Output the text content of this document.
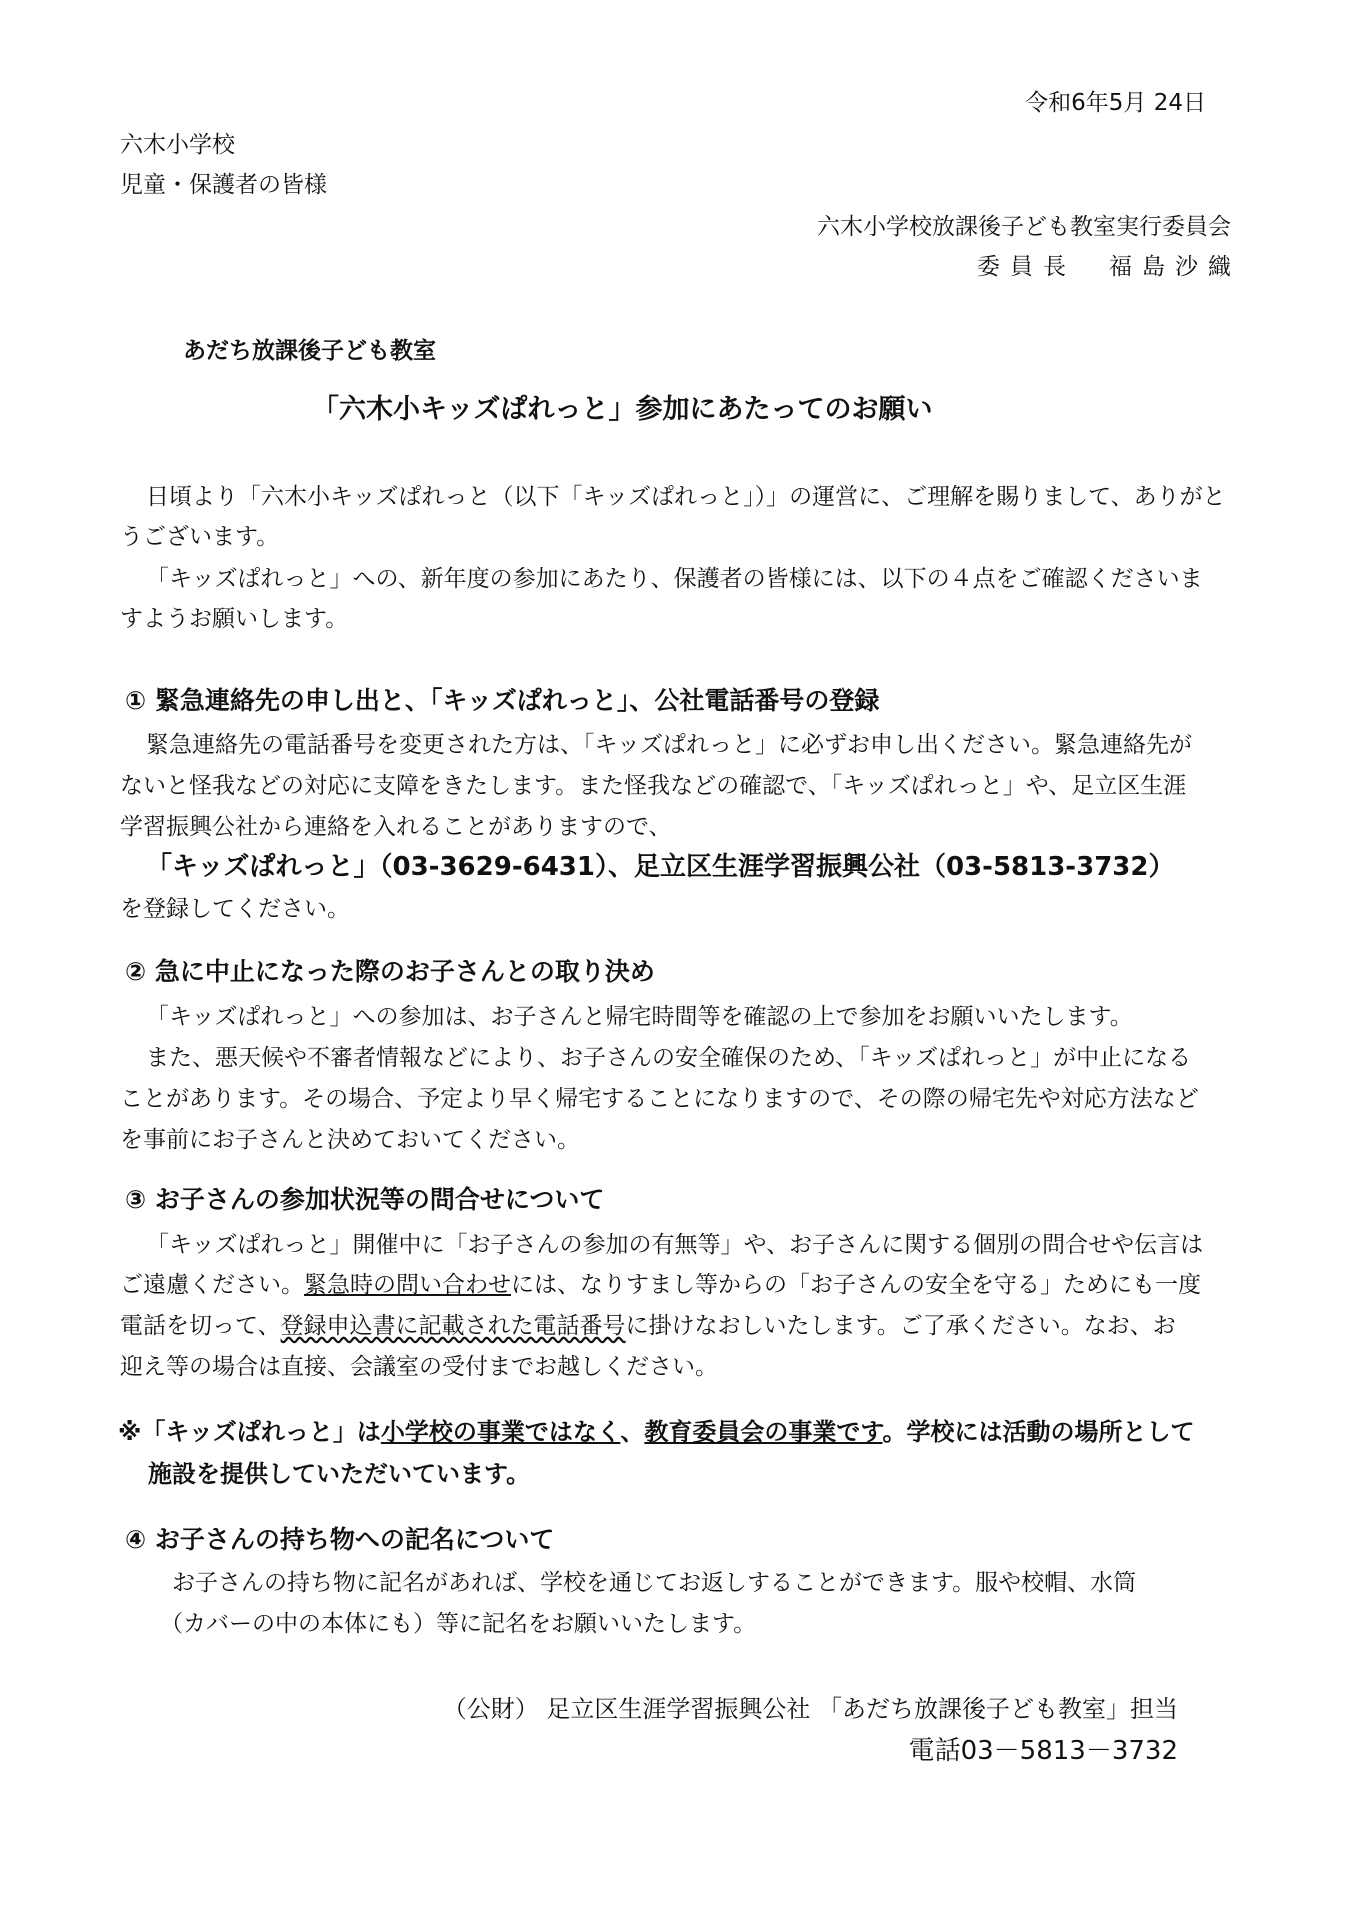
令和6年5月 24日

六木小学校

児童・保護者の皆様

六木小学校放課後子ども教室実行委員会

委員長　福島沙織

あだち放課後子ども教室

「六木小キッズぱれっと」参加にあたってのお願い

日頃より「六木小キッズぱれっと（以下「キッズぱれっと」）」の運営に、ご理解を賜りまして、ありがと

うございます。

「キッズぱれっと」への、新年度の参加にあたり、保護者の皆様には、以下の４点をご確認くださいま

すようお願いします。

① 緊急連絡先の申し出と、「キッズぱれっと」、公社電話番号の登録

緊急連絡先の電話番号を変更された方は、「キッズぱれっと」に必ずお申し出ください。緊急連絡先が

ないと怪我などの対応に支障をきたします。また怪我などの確認で、「キッズぱれっと」や、足立区生涯

学習振興公社から連絡を入れることがありますので、

「キッズぱれっと」（03-3629-6431）、足立区生涯学習振興公社（03-5813-3732）

を登録してください。

② 急に中止になった際のお子さんとの取り決め

「キッズぱれっと」への参加は、お子さんと帰宅時間等を確認の上で参加をお願いいたします。

また、悪天候や不審者情報などにより、お子さんの安全確保のため、「キッズぱれっと」が中止になる

ことがあります。その場合、予定より早く帰宅することになりますので、その際の帰宅先や対応方法など

を事前にお子さんと決めておいてください。

③ お子さんの参加状況等の問合せについて

「キッズぱれっと」開催中に「お子さんの参加の有無等」や、お子さんに関する個別の問合せや伝言は

ご遠慮ください。緊急時の問い合わせには、なりすまし等からの「お子さんの安全を守る」ためにも一度

電話を切って、登録申込書に記載された電話番号に掛けなおしいたします。ご了承ください。なお、お

迎え等の場合は直接、会議室の受付までお越しください。

※「キッズぱれっと」は小学校の事業ではなく、教育委員会の事業です。学校には活動の場所として

施設を提供していただいています。

④ お子さんの持ち物への記名について

お子さんの持ち物に記名があれば、学校を通じてお返しすることができます。服や校帽、水筒

（カバーの中の本体にも）等に記名をお願いいたします。

（公財） 足立区生涯学習振興公社 「あだち放課後子ども教室」担当

電話03－5813－3732
